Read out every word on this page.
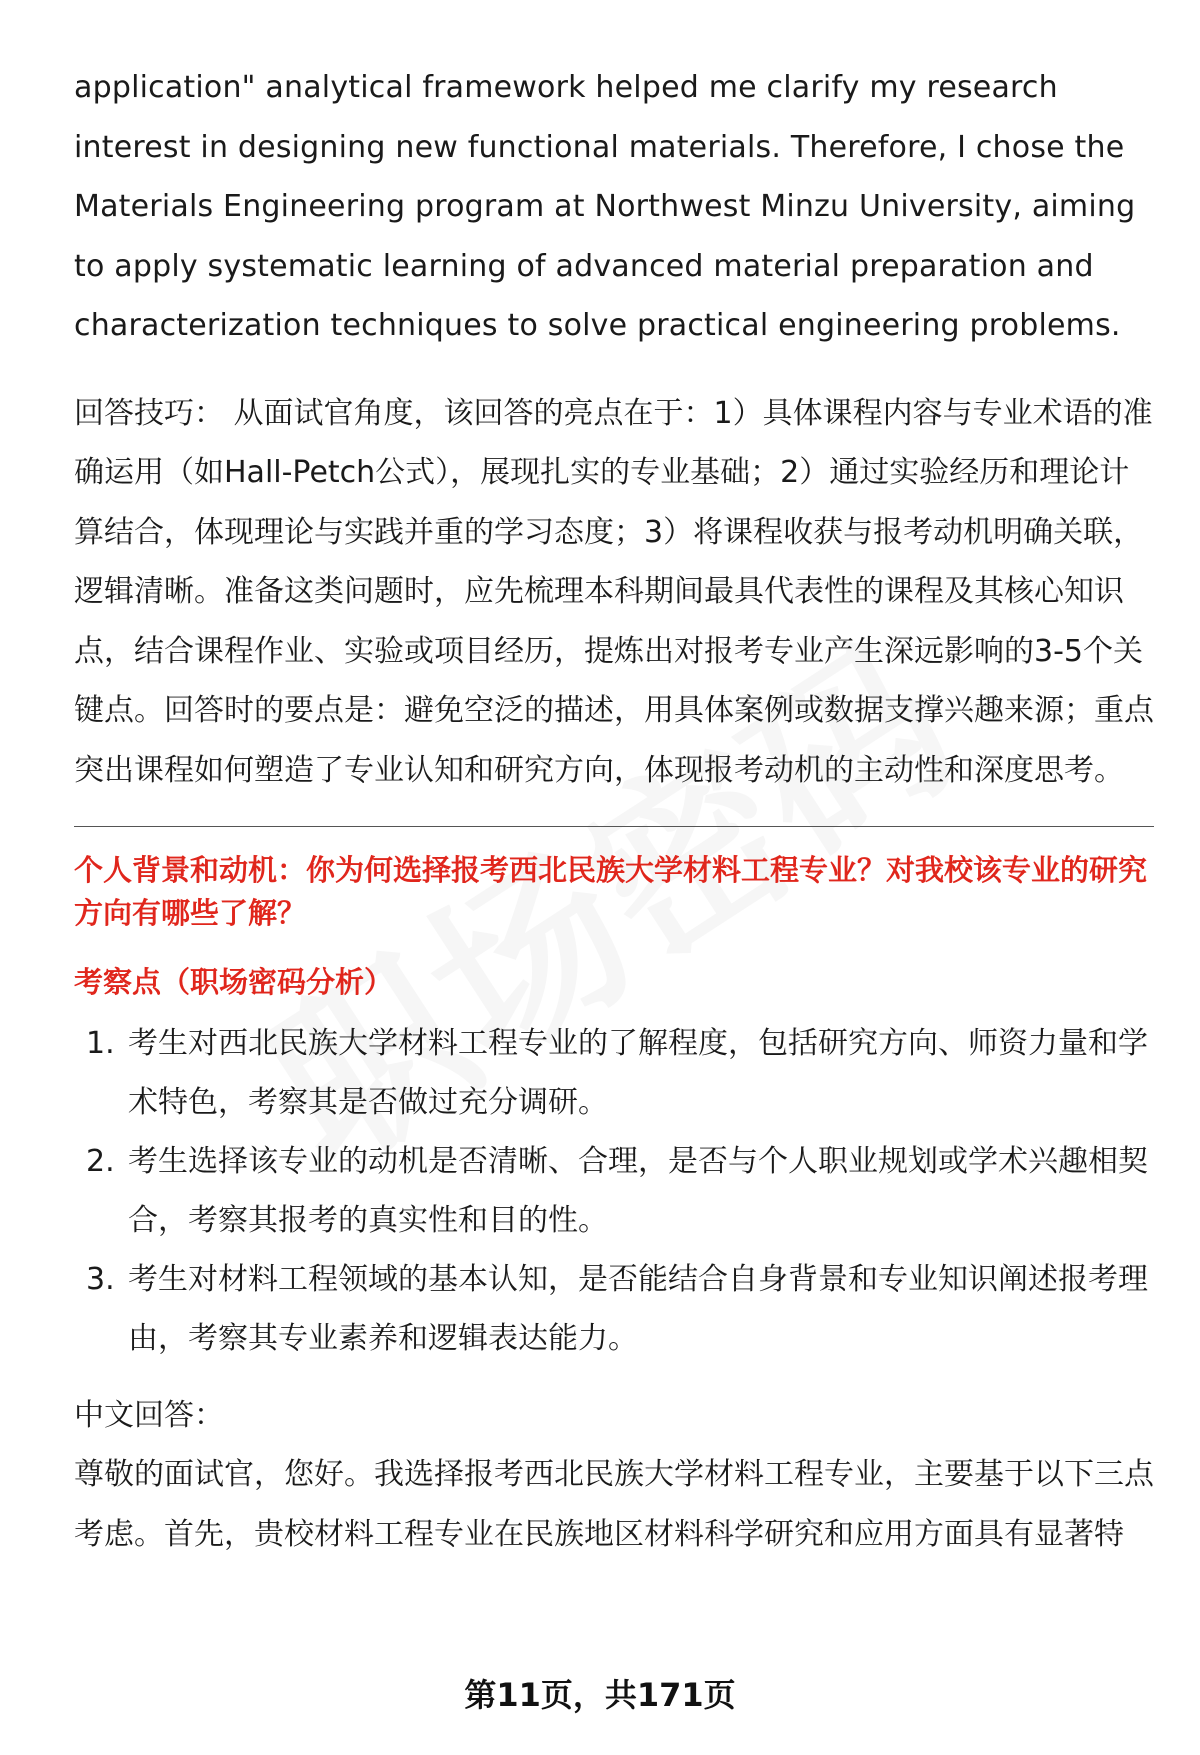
application" analytical framework helped me clarify my research interest in designing new functional materials. Therefore, I chose the Materials Engineering program at Northwest Minzu University, aiming to apply systematic learning of advanced material preparation and characterization techniques to solve practical engineering problems.

回答技巧： 从面试官角度，该回答的亮点在于：1）具体课程内容与专业术语的准确运用（如Hall-Petch公式），展现扎实的专业基础；2）通过实验经历和理论计算结合，体现理论与实践并重的学习态度；3）将课程收获与报考动机明确关联，逻辑清晰。准备这类问题时，应先梳理本科期间最具代表性的课程及其核心知识点，结合课程作业、实验或项目经历，提炼出对报考专业产生深远影响的3-5个关键点。回答时的要点是：避免空泛的描述，用具体案例或数据支撑兴趣来源；重点突出课程如何塑造了专业认知和研究方向，体现报考动机的主动性和深度思考。

个人背景和动机：你为何选择报考西北民族大学材料工程专业？对我校该专业的研究方向有哪些了解？

考察点（职场密码分析）

1. 考生对西北民族大学材料工程专业的了解程度，包括研究方向、师资力量和学术特色，考察其是否做过充分调研。
2. 考生选择该专业的动机是否清晰、合理，是否与个人职业规划或学术兴趣相契合，考察其报考的真实性和目的性。
3. 考生对材料工程领域的基本认知，是否能结合自身背景和专业知识阐述报考理由，考察其专业素养和逻辑表达能力。

中文回答：

尊敬的面试官，您好。我选择报考西北民族大学材料工程专业，主要基于以下三点考虑。首先，贵校材料工程专业在民族地区材料科学研究和应用方面具有显著特

第11页，共171页
